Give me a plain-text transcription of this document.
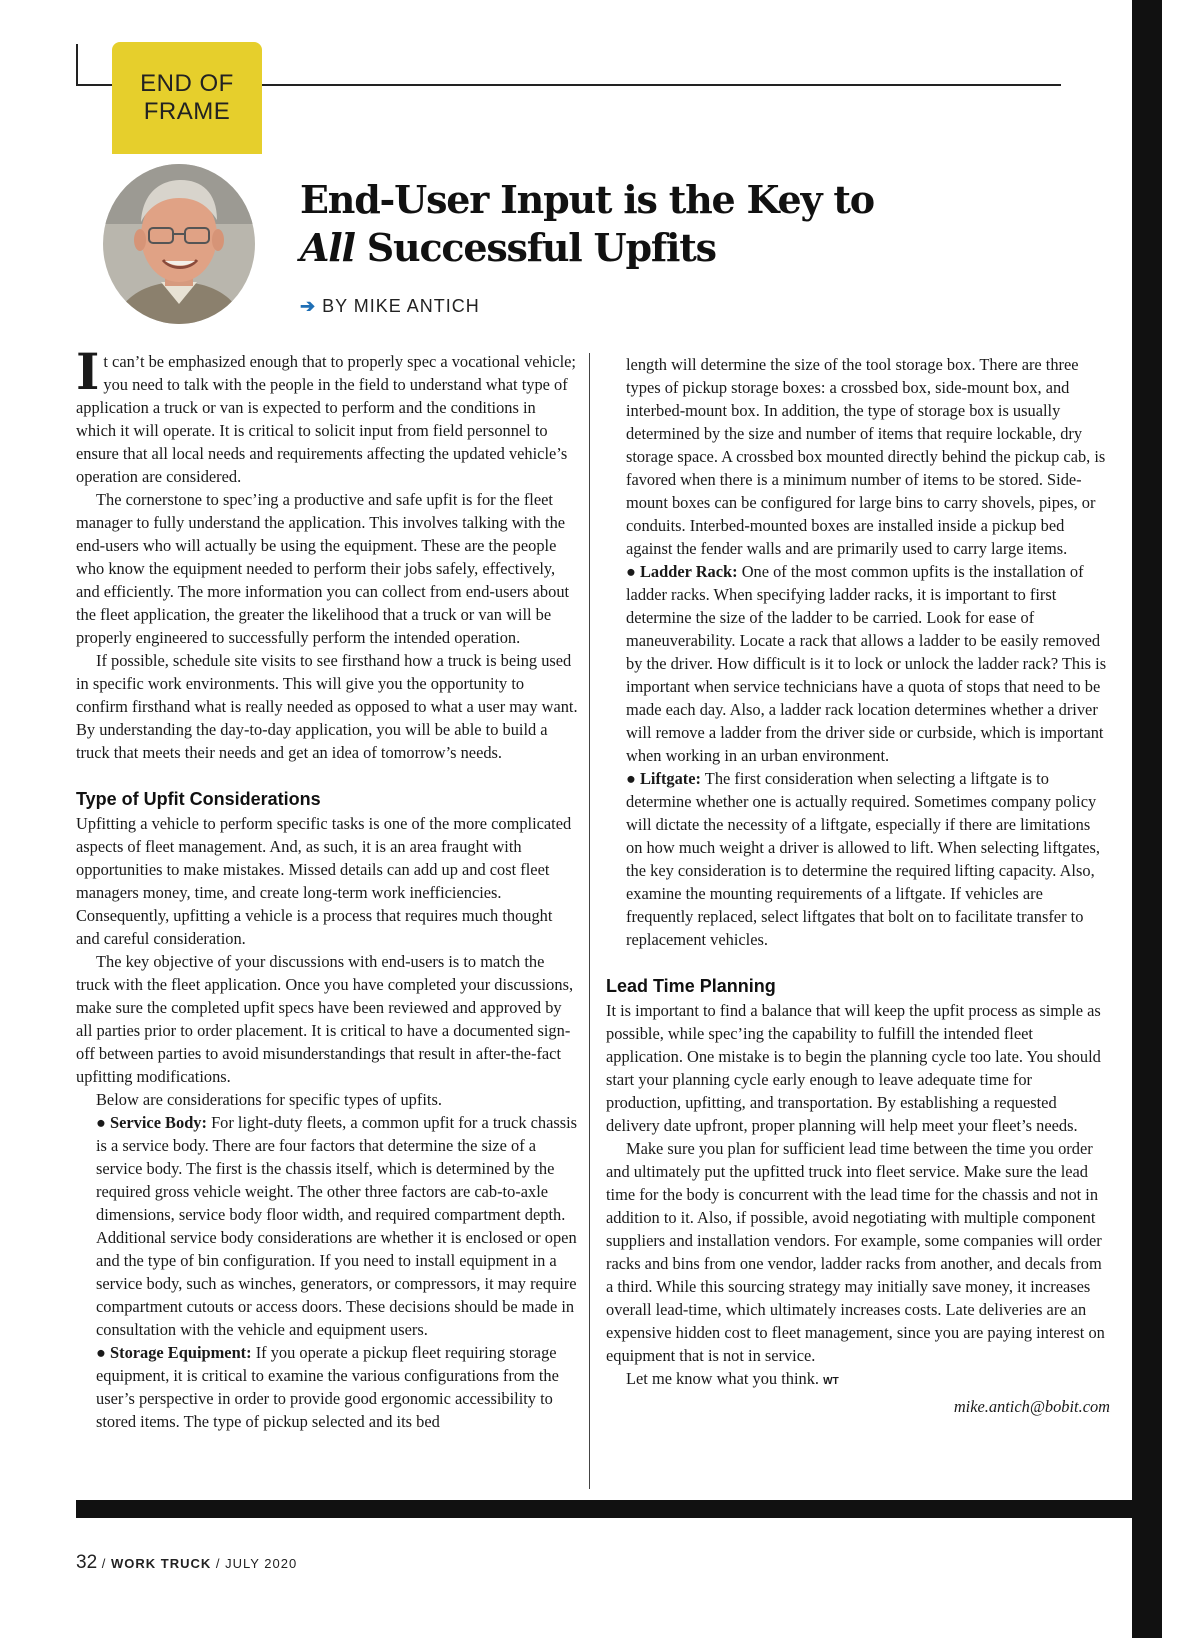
END OF
FRAME
End-User Input is the Key to
All Successful Upfits
➔ BY MIKE ANTICH

It can’t be emphasized enough that to properly spec a vocational vehicle; you need to talk with the people in the field to understand what type of application a truck or van is expected to perform and the conditions in which it will operate. It is critical to solicit input from field personnel to ensure that all local needs and requirements affecting the updated vehicle’s operation are considered.

The cornerstone to spec’ing a productive and safe upfit is for the fleet manager to fully understand the application. This involves talking with the end-users who will actually be using the equipment. These are the people who know the equipment needed to perform their jobs safely, effectively, and efficiently. The more information you can collect from end-users about the fleet application, the greater the likelihood that a truck or van will be properly engineered to successfully perform the intended operation.

If possible, schedule site visits to see firsthand how a truck is being used in specific work environments. This will give you the opportunity to confirm firsthand what is really needed as opposed to what a user may want. By understanding the day-to-day application, you will be able to build a truck that meets their needs and get an idea of tomorrow’s needs.

Type of Upfit Considerations

Upfitting a vehicle to perform specific tasks is one of the more complicated aspects of fleet management. And, as such, it is an area fraught with opportunities to make mistakes. Missed details can add up and cost fleet managers money, time, and create long-term work inefficiencies. Consequently, upfitting a vehicle is a process that requires much thought and careful consideration.

The key objective of your discussions with end-users is to match the truck with the fleet application. Once you have completed your discussions, make sure the completed upfit specs have been reviewed and approved by all parties prior to order placement. It is critical to have a documented sign-off between parties to avoid misunderstandings that result in after-the-fact upfitting modifications.

Below are considerations for specific types of upfits.

● Service Body: For light-duty fleets, a common upfit for a truck chassis is a service body. There are four factors that determine the size of a service body. The first is the chassis itself, which is determined by the required gross vehicle weight. The other three factors are cab-to-axle dimensions, service body floor width, and required compartment depth. Additional service body considerations are whether it is enclosed or open and the type of bin configuration. If you need to install equipment in a service body, such as winches, generators, or compressors, it may require compartment cutouts or access doors. These decisions should be made in consultation with the vehicle and equipment users.

● Storage Equipment: If you operate a pickup fleet requiring storage equipment, it is critical to examine the various configurations from the user’s perspective in order to provide good ergonomic accessibility to stored items. The type of pickup selected and its bed

length will determine the size of the tool storage box. There are three types of pickup storage boxes: a crossbed box, side-mount box, and interbed-mount box. In addition, the type of storage box is usually determined by the size and number of items that require lockable, dry storage space. A crossbed box mounted directly behind the pickup cab, is favored when there is a minimum number of items to be stored. Side-mount boxes can be configured for large bins to carry shovels, pipes, or conduits. Interbed-mounted boxes are installed inside a pickup bed against the fender walls and are primarily used to carry large items.

● Ladder Rack: One of the most common upfits is the installation of ladder racks. When specifying ladder racks, it is important to first determine the size of the ladder to be carried. Look for ease of maneuverability. Locate a rack that allows a ladder to be easily removed by the driver. How difficult is it to lock or unlock the ladder rack? This is important when service technicians have a quota of stops that need to be made each day. Also, a ladder rack location determines whether a driver will remove a ladder from the driver side or curbside, which is important when working in an urban environment.

● Liftgate: The first consideration when selecting a liftgate is to determine whether one is actually required. Sometimes company policy will dictate the necessity of a liftgate, especially if there are limitations on how much weight a driver is allowed to lift. When selecting liftgates, the key consideration is to determine the required lifting capacity. Also, examine the mounting requirements of a liftgate. If vehicles are frequently replaced, select liftgates that bolt on to facilitate transfer to replacement vehicles.

Lead Time Planning

It is important to find a balance that will keep the upfit process as simple as possible, while spec’ing the capability to fulfill the intended fleet application. One mistake is to begin the planning cycle too late. You should start your planning cycle early enough to leave adequate time for production, upfitting, and transportation. By establishing a requested delivery date upfront, proper planning will help meet your fleet’s needs.

Make sure you plan for sufficient lead time between the time you order and ultimately put the upfitted truck into fleet service. Make sure the lead time for the body is concurrent with the lead time for the chassis and not in addition to it. Also, if possible, avoid negotiating with multiple component suppliers and installation vendors. For example, some companies will order racks and bins from one vendor, ladder racks from another, and decals from a third. While this sourcing strategy may initially save money, it increases overall lead-time, which ultimately increases costs. Late deliveries are an expensive hidden cost to fleet management, since you are paying interest on equipment that is not in service.

Let me know what you think. WT

mike.antich@bobit.com

32 / WORK TRUCK / JULY 2020
